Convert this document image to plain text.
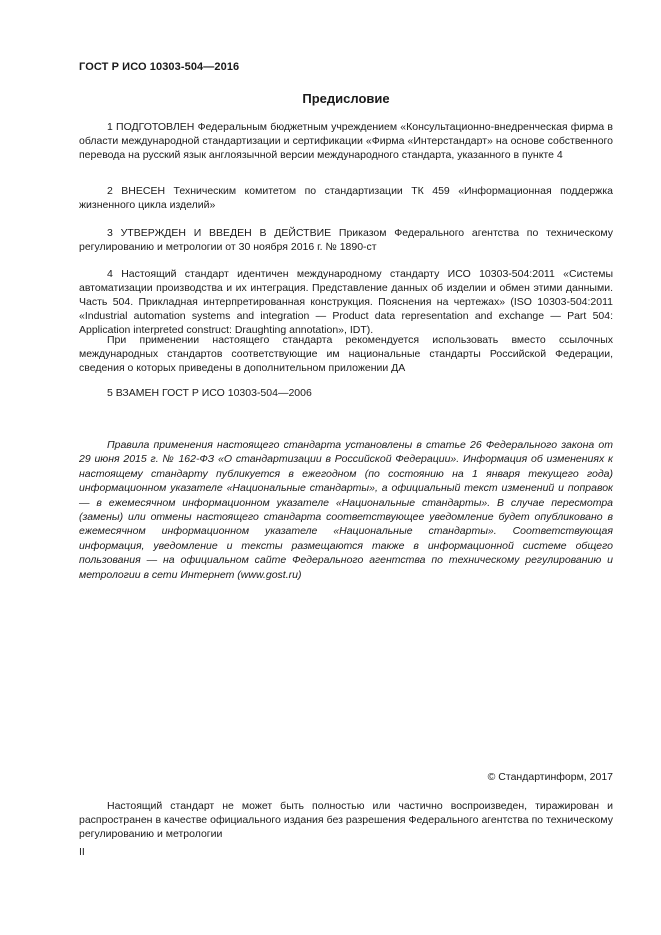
ГОСТ Р ИСО 10303-504—2016
Предисловие

1 ПОДГОТОВЛЕН Федеральным бюджетным учреждением «Консультационно-внедренческая фирма в области международной стандартизации и сертификации «Фирма «Интерстандарт» на основе собственного перевода на русский язык англоязычной версии международного стандарта, указанного в пункте 4

2 ВНЕСЕН Техническим комитетом по стандартизации ТК 459 «Информационная поддержка жизненного цикла изделий»

3 УТВЕРЖДЕН И ВВЕДЕН В ДЕЙСТВИЕ Приказом Федерального агентства по техническому регулированию и метрологии от 30 ноября 2016 г. № 1890-ст

4 Настоящий стандарт идентичен международному стандарту ИСО 10303-504:2011 «Системы автоматизации производства и их интеграция. Представление данных об изделии и обмен этими данными. Часть 504. Прикладная интерпретированная конструкция. Пояснения на чертежах» (ISO 10303-504:2011 «Industrial automation systems and integration — Product data representation and exchange — Part 504: Application interpreted construct: Draughting annotation», IDT).

При применении настоящего стандарта рекомендуется использовать вместо ссылочных международных стандартов соответствующие им национальные стандарты Российской Федерации, сведения о которых приведены в дополнительном приложении ДА

5 ВЗАМЕН ГОСТ Р ИСО 10303-504—2006

Правила применения настоящего стандарта установлены в статье 26 Федерального закона от 29 июня 2015 г. № 162-ФЗ «О стандартизации в Российской Федерации». Информация об изменениях к настоящему стандарту публикуется в ежегодном (по состоянию на 1 января текущего года) информационном указателе «Национальные стандарты», а официальный текст изменений и поправок — в ежемесячном информационном указателе «Национальные стандарты». В случае пересмотра (замены) или отмены настоящего стандарта соответствующее уведомление будет опубликовано в ежемесячном информационном указателе «Национальные стандарты». Соответствующая информация, уведомление и тексты размещаются также в информационной системе общего пользования — на официальном сайте Федерального агентства по техническому регулированию и метрологии в сети Интернет (www.gost.ru)

© Стандартинформ, 2017

Настоящий стандарт не может быть полностью или частично воспроизведен, тиражирован и распространен в качестве официального издания без разрешения Федерального агентства по техническому регулированию и метрологии

II
